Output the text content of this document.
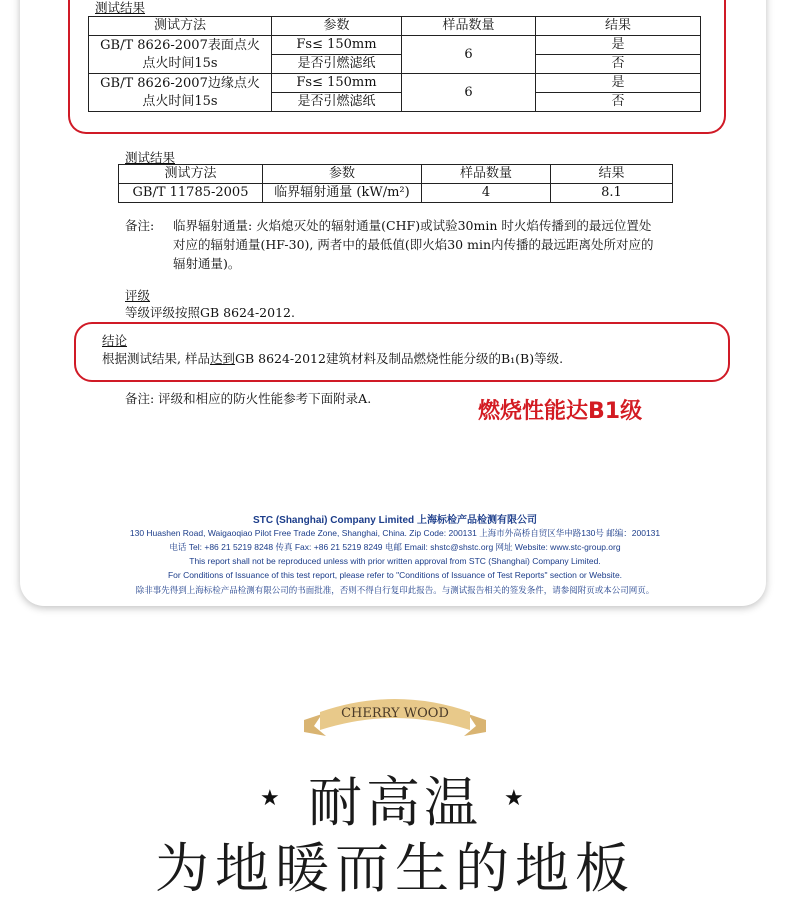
测试结果
测试方法	参数	样品数量	结果
GB/T 8626-2007表面点火
点火时间15s	Fs≤ 150mm	6	是
	是否引燃滤纸		否
GB/T 8626-2007边缘点火
点火时间15s	Fs≤ 150mm	6	是
	是否引燃滤纸		否
测试结果
测试方法	参数	样品数量	结果
GB/T 11785-2005	临界辐射通量 (kW/m²)	4	8.1
备注: 临界辐射通量: 火焰熄灭处的辐射通量(CHF)或试验30min 时火焰传播到的最远位置处
对应的辐射通量(HF-30), 两者中的最低值(即火焰30 min内传播的最远距离处所对应的
辐射通量)。
评级
等级评级按照GB 8624-2012.
结论
根据测试结果, 样品达到GB 8624-2012建筑材料及制品燃烧性能分级的B₁(B)等级.
备注: 评级和相应的防火性能参考下面附录A.
燃烧性能达B1级
STC (Shanghai) Company Limited 上海标检产品检测有限公司
130 Huashen Road, Waigaoqiao Pilot Free Trade Zone, Shanghai, China. Zip Code: 200131 上海市外高桥自贸区华申路130号 邮编：200131
电话 Tel: +86 21 5219 8248 传真 Fax: +86 21 5219 8249 电邮 Email: shstc@shstc.org 网址 Website: www.stc-group.org
This report shall not be reproduced unless with prior written approval from STC (Shanghai) Company Limited.
For Conditions of Issuance of this test report, please refer to "Conditions of Issuance of Test Reports" section or Website.
除非事先得到上海标检产品检测有限公司的书面批准，否则不得自行复印此报告。与测试报告相关的签发条件，请参阅附页或本公司网页。
CHERRY WOOD
★ 耐高温	★
为地暖而生的地板
